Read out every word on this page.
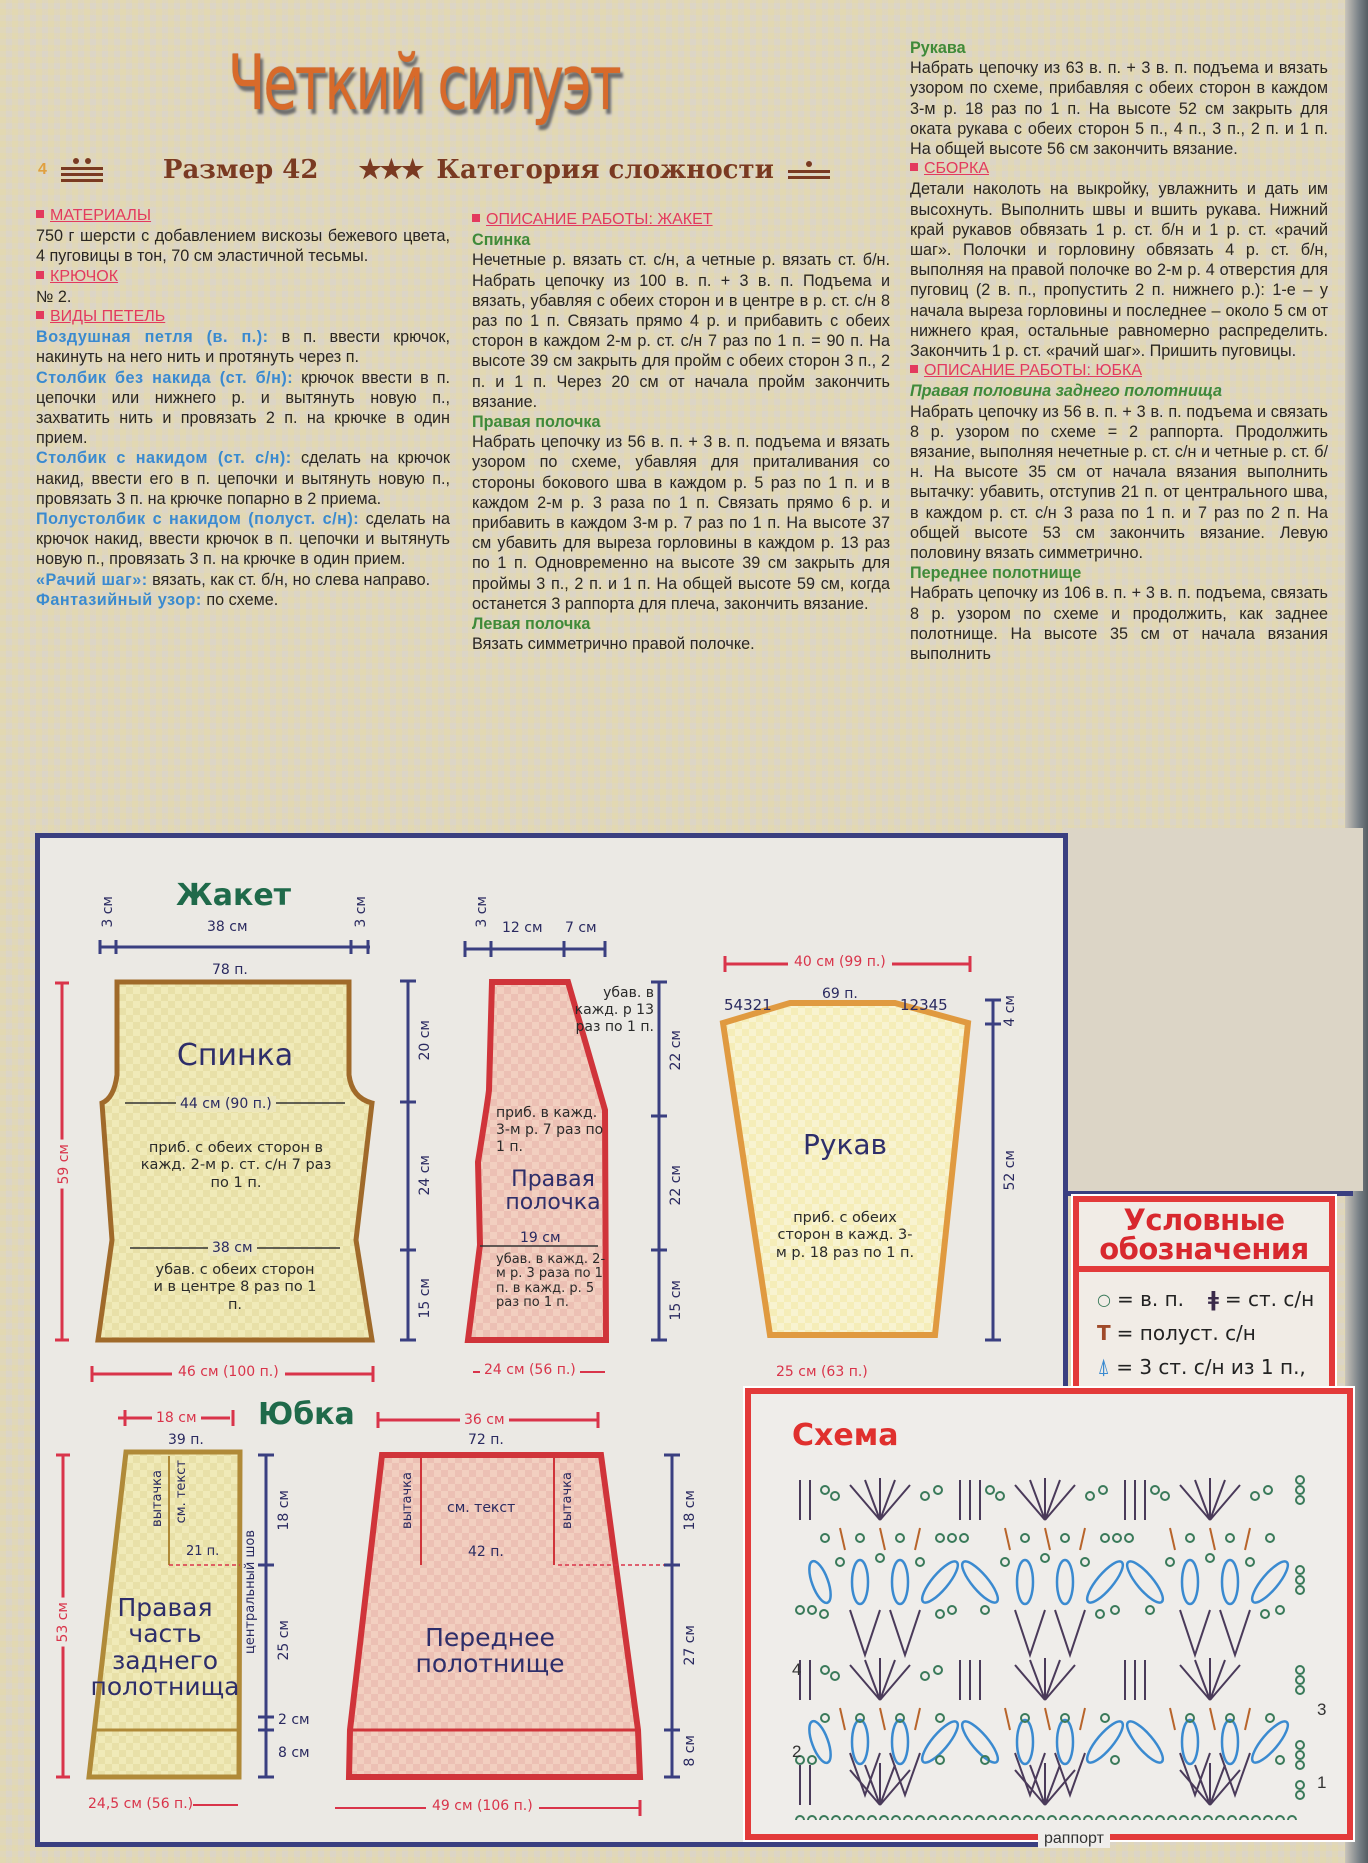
Четкий силуэт
4	Размер 42 ★★★ Категория сложности

МАТЕРИАЛЫ

750 г шерсти с добавлением вискозы бежевого цвета, 4 пуговицы в тон, 70 см эластичной тесьмы.

КРЮЧОК

№ 2.

ВИДЫ ПЕТЕЛЬ

Воздушная петля (в. п.): в п. ввести крючок, накинуть на него нить и протянуть через п.

Столбик без накида (ст. б/н): крючок ввести в п. цепочки или нижнего р. и вытянуть новую п., захватить нить и провязать 2 п. на крючке в один прием.

Столбик с накидом (ст. с/н): сделать на крючок накид, ввести его в п. цепочки и вытянуть новую п., провязать 3 п. на крючке попарно в 2 приема.

Полустолбик с накидом (полуст. с/н): сделать на крючок накид, ввести крючок в п. цепочки и вытянуть новую п., провязать 3 п. на крючке в один прием.

«Рачий шаг»: вязать, как ст. б/н, но слева направо.

Фантазийный узор: по схеме.

ОПИСАНИЕ РАБОТЫ: ЖАКЕТ

Спинка

Нечетные р. вязать ст. с/н, а четные р. вязать ст. б/н. Набрать цепочку из 100 в. п. + 3 в. п. Подъема и вязать, убавляя с обеих сторон и в центре в р. ст. с/н 8 раз по 1 п. Связать прямо 4 р. и прибавить с обеих сторон в каждом 2-м р. ст. с/н 7 раз по 1 п. = 90 п. На высоте 39 см закрыть для пройм с обеих сторон 3 п., 2 п. и 1 п. Через 20 см от начала пройм закончить вязание.

Правая полочка

Набрать цепочку из 56 в. п. + 3 в. п. подъема и вязать узором по схеме, убавляя для приталивания со стороны бокового шва в каждом р. 5 раз по 1 п. и в каждом 2-м р. 3 раза по 1 п. Связать прямо 6 р. и прибавить в каждом 3-м р. 7 раз по 1 п. На высоте 37 см убавить для выреза горловины в каждом р. 13 раз по 1 п. Одновременно на высоте 39 см закрыть для проймы 3 п., 2 п. и 1 п. На общей высоте 59 см, когда останется 3 раппорта для плеча, закончить вязание.

Левая полочка

Вязать симметрично правой полочке.

Рукава

Набрать цепочку из 63 в. п. + 3 в. п. подъема и вязать узором по схеме, прибавляя с обеих сторон в каждом 3-м р. 18 раз по 1 п. На высоте 52 см закрыть для оката рукава с обеих сторон 5 п., 4 п., 3 п., 2 п. и 1 п. На общей высоте 56 см закончить вязание.

СБОРКА

Детали наколоть на выкройку, увлажнить и дать им высохнуть. Выполнить швы и вшить рукава. Нижний край рукавов обвязать 1 р. ст. б/н и 1 р. ст. «рачий шаг». Полочки и горловину обвязать 4 р. ст. б/н, выполняя на правой полочке во 2-м р. 4 отверстия для пуговиц (2 в. п., пропустить 2 п. нижнего р.): 1-е – у начала выреза горловины и последнее – около 5 см от нижнего края, остальные равномерно распределить. Закончить 1 р. ст. «рачий шаг». Пришить пуговицы.

ОПИСАНИЕ РАБОТЫ: ЮБКА

Правая половина заднего полотнища

Набрать цепочку из 56 в. п. + 3 в. п. подъема и связать 8 р. узором по схеме = 2 раппорта. Продолжить вязание, выполняя нечетные р. ст. с/н и четные р. ст. б/н. На высоте 35 см от начала вязания выполнить вытачку: убавить, отступив 21 п. от центрального шва, в каждом р. ст. с/н 3 раза по 1 п. и 7 раз по 2 п. На общей высоте 53 см закончить вязание. Левую половину вязать симметрично.

Переднее полотнище

Набрать цепочку из 106 в. п. + 3 в. п. подъема, связать 8 р. узором по схеме и продолжить, как заднее полотнище. На высоте 35 см от начала вязания выполнить

Жакет
3 см	3 см
38 см
78 п.
Спинка
44 см (90 п.)
приб. с обеих сторон в кажд. 2-м р. ст. с/н 7 раз по 1 п.
38 см
убав. с обеих сторон и в центре 8 раз по 1 п.
46 см (100 п.)
59 см
20 см
24 см
15 см
3 см
12 см 7 см
убав. в кажд. р 13 раз по 1 п.
приб. в кажд. 3-м р. 7 раз по 1 п.
Правая полочка
19 см
убав. в кажд. 2-м р. 3 раза по 1 п. в кажд. р. 5 раз по 1 п.
24 см (56 п.)
22 см
22 см
15 см
40 см (99 п.)
54321
69 п.
12345
Рукав
приб. с обеих сторон в кажд. 3-м р. 18 раз по 1 п.
25 см (63 п.)
4 см
52 см
Юбка
18 см
39 п.
вытачка см. текст
21 п. центральный шов
Правая часть заднего полотнища
53 см
18 см
25 см
2 см
8 см
24,5 см (56 п.)
36 см
72 п.
вытачка см. текст	вытачка
42 п.
Переднее полотнище
18 см
27 см
8 см
49 см (106 п.)
Условные
обозначения
○ = в. п. ǂ = ст. с/н
T = полуст. с/н
⍋ = 3 ст. с/н из 1 п.,
Схема
4
2
3
1
раппорт
